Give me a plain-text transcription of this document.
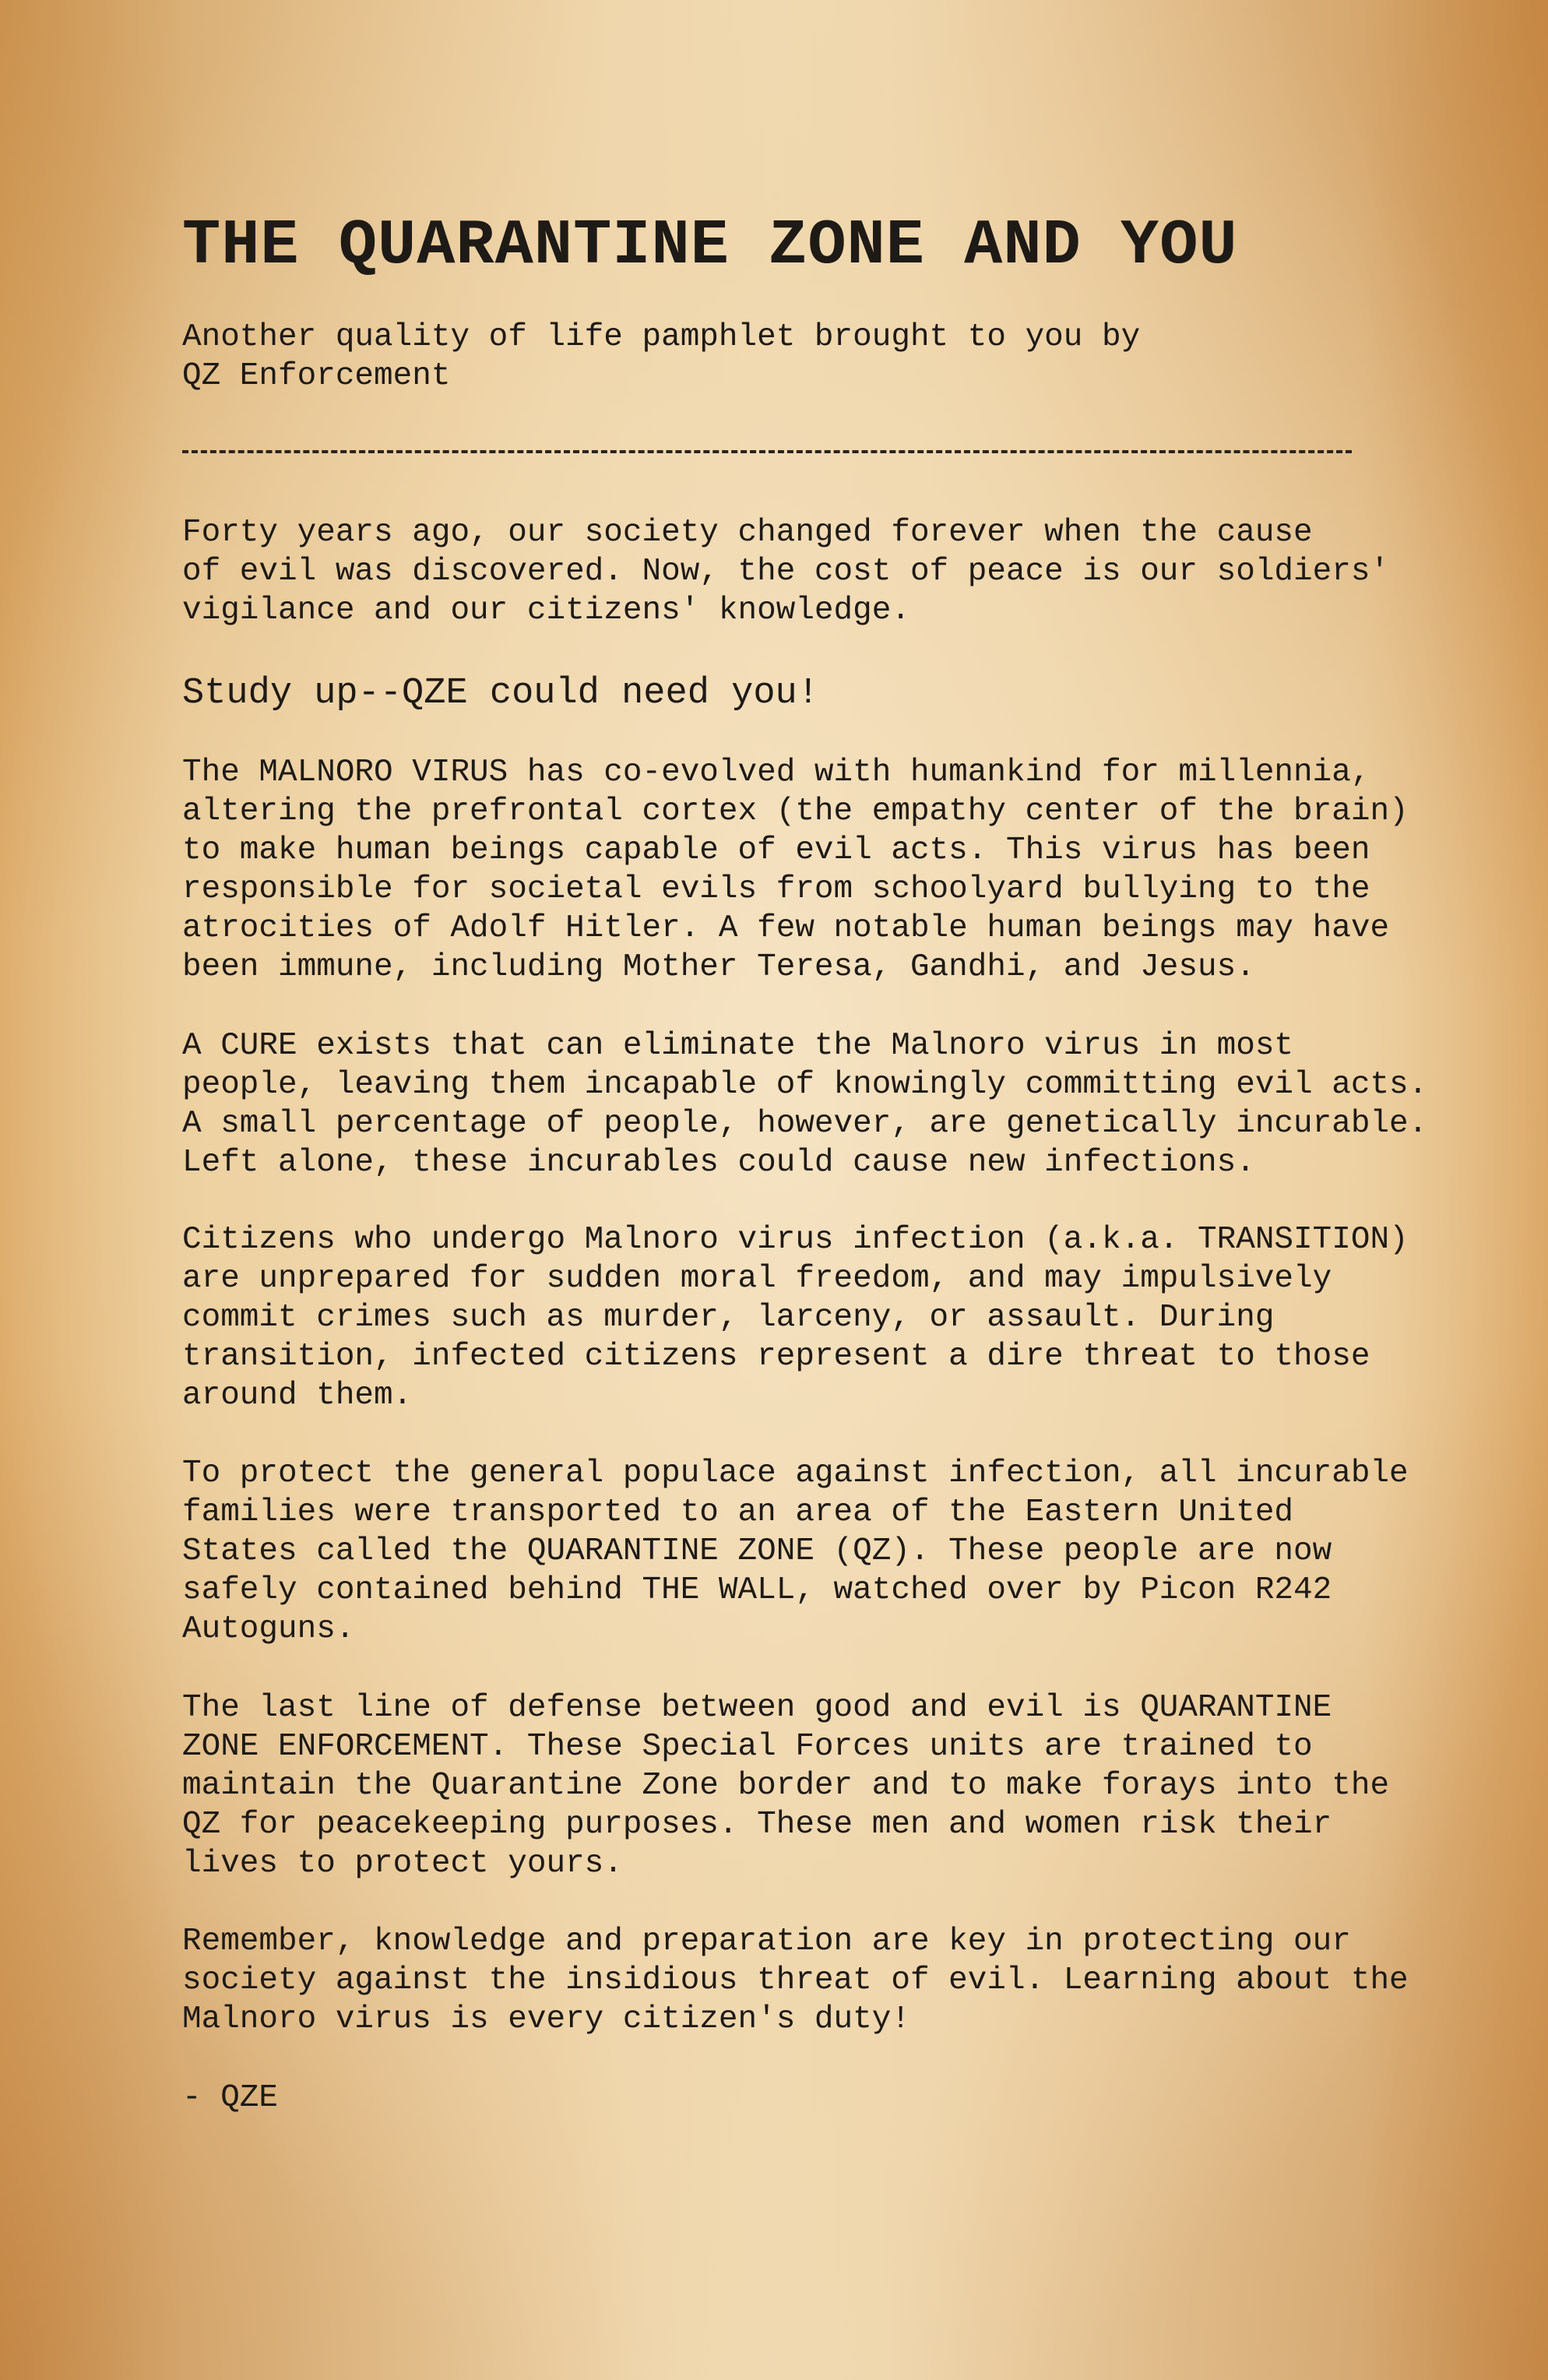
THE QUARANTINE ZONE AND YOU
Another quality of life pamphlet brought to you by
QZ Enforcement
Study up--QZE could need you!
- QZE
Forty years ago, our society changed forever when the cause
of evil was discovered. Now, the cost of peace is our soldiers'
vigilance and our citizens' knowledge.
The MALNORO VIRUS has co-evolved with humankind for millennia,
altering the prefrontal cortex (the empathy center of the brain)
to make human beings capable of evil acts. This virus has been
responsible for societal evils from schoolyard bullying to the
atrocities of Adolf Hitler. A few notable human beings may have
been immune, including Mother Teresa, Gandhi, and Jesus.
A CURE exists that can eliminate the Malnoro virus in most
people, leaving them incapable of knowingly committing evil acts.
A small percentage of people, however, are genetically incurable.
Left alone, these incurables could cause new infections.
Citizens who undergo Malnoro virus infection (a.k.a. TRANSITION)
are unprepared for sudden moral freedom, and may impulsively
commit crimes such as murder, larceny, or assault. During
transition, infected citizens represent a dire threat to those
around them.
To protect the general populace against infection, all incurable
families were transported to an area of the Eastern United
States called the QUARANTINE ZONE (QZ). These people are now
safely contained behind THE WALL, watched over by Picon R242
Autoguns.
The last line of defense between good and evil is QUARANTINE
ZONE ENFORCEMENT. These Special Forces units are trained to
maintain the Quarantine Zone border and to make forays into the
QZ for peacekeeping purposes. These men and women risk their
lives to protect yours.
Remember, knowledge and preparation are key in protecting our
society against the insidious threat of evil. Learning about the
Malnoro virus is every citizen's duty!
